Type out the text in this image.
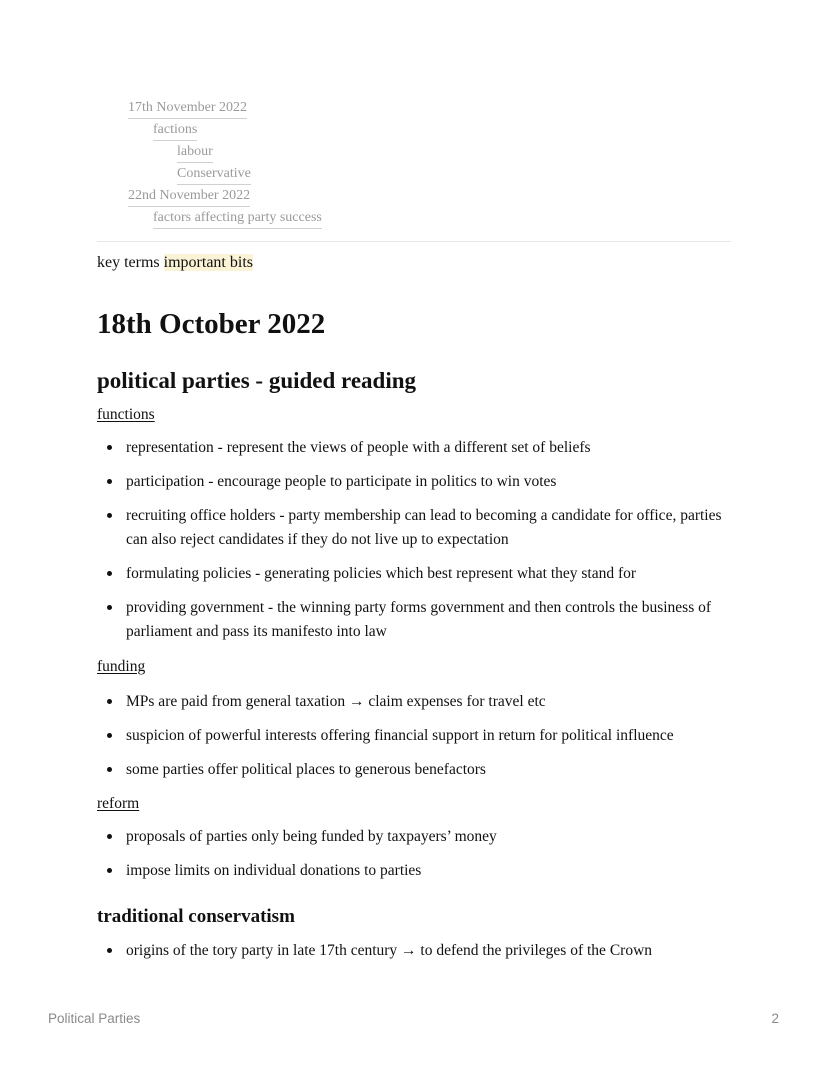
17th November 2022
factions
labour
Conservative
22nd November 2022
factors affecting party success
key terms important bits
18th October 2022
political parties - guided reading

functions

representation - represent the views of people with a different set of beliefs
participation - encourage people to participate in politics to win votes
recruiting office holders - party membership can lead to becoming a candidate for office, parties can also reject candidates if they do not live up to expectation
formulating policies - generating policies which best represent what they stand for
providing government - the winning party forms government and then controls the business of parliament and pass its manifesto into law

funding

MPs are paid from general taxation → claim expenses for travel etc
suspicion of powerful interests offering financial support in return for political influence
some parties offer political places to generous benefactors

reform

proposals of parties only being funded by taxpayers’ money
impose limits on individual donations to parties
traditional conservatism
origins of the tory party in late 17th century → to defend the privileges of the Crown
Political Parties	2
